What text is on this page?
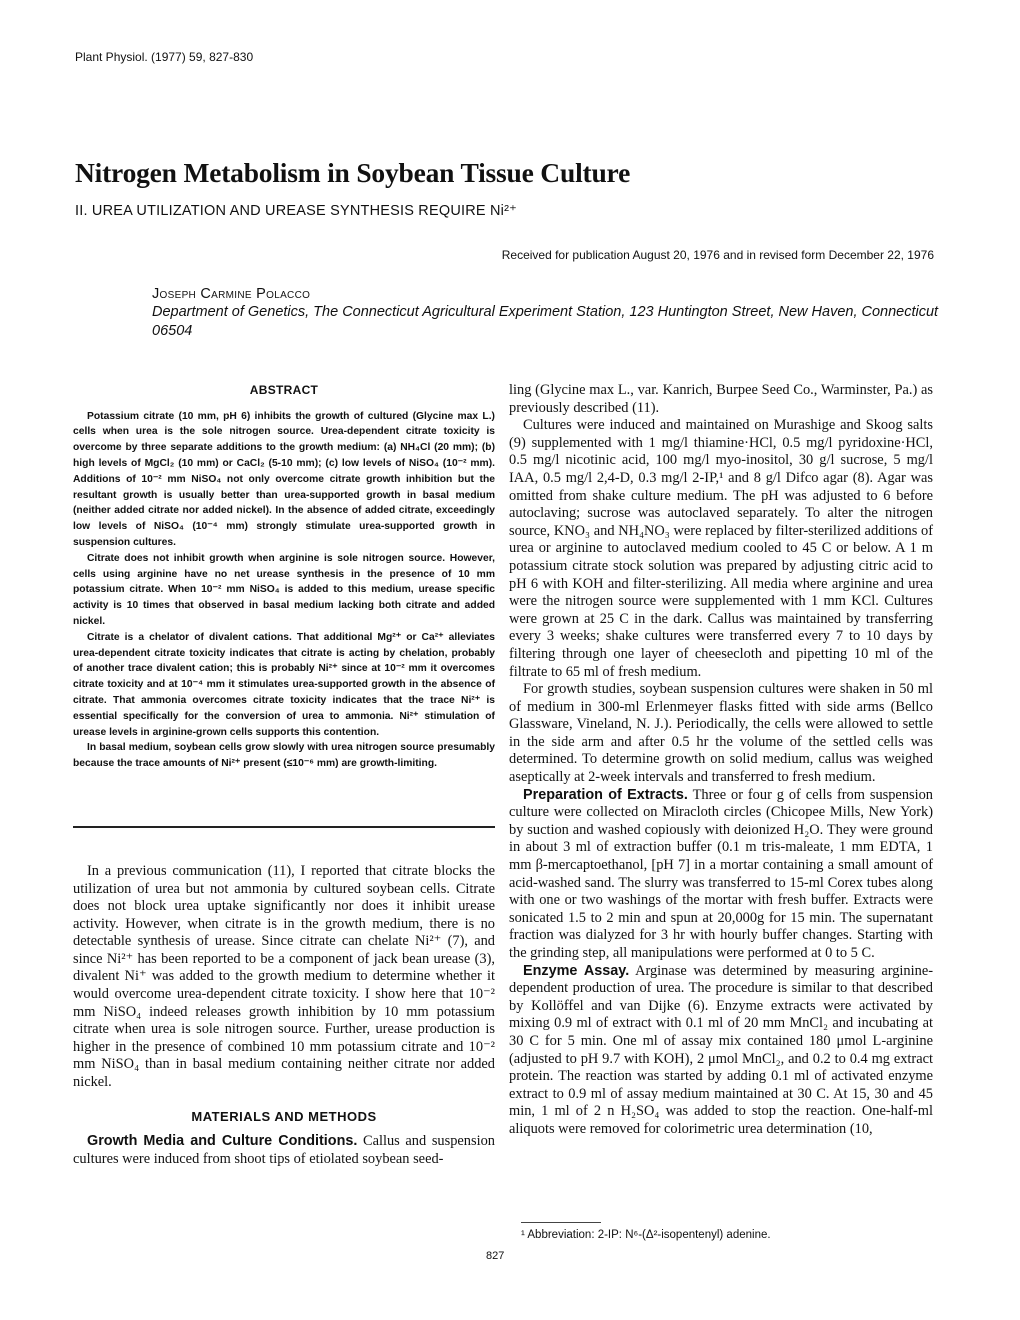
Plant Physiol. (1977) 59, 827-830
Nitrogen Metabolism in Soybean Tissue Culture
II. UREA UTILIZATION AND UREASE SYNTHESIS REQUIRE Ni²⁺
Received for publication August 20, 1976 and in revised form December 22, 1976
Joseph Carmine Polacco
Department of Genetics, The Connecticut Agricultural Experiment Station, 123 Huntington Street, New Haven, Connecticut 06504
ABSTRACT

Potassium citrate (10 mm, pH 6) inhibits the growth of cultured (Glycine max L.) cells when urea is the sole nitrogen source. Urea-dependent citrate toxicity is overcome by three separate additions to the growth medium: (a) NH₄Cl (20 mm); (b) high levels of MgCl₂ (10 mm) or CaCl₂ (5-10 mm); (c) low levels of NiSO₄ (10⁻² mm). Additions of 10⁻² mm NiSO₄ not only overcome citrate growth inhibition but the resultant growth is usually better than urea-supported growth in basal medium (neither added citrate nor added nickel). In the absence of added citrate, exceedingly low levels of NiSO₄ (10⁻⁴ mm) strongly stimulate urea-supported growth in suspension cultures.

Citrate does not inhibit growth when arginine is sole nitrogen source. However, cells using arginine have no net urease synthesis in the presence of 10 mm potassium citrate. When 10⁻² mm NiSO₄ is added to this medium, urease specific activity is 10 times that observed in basal medium lacking both citrate and added nickel.

Citrate is a chelator of divalent cations. That additional Mg²⁺ or Ca²⁺ alleviates urea-dependent citrate toxicity indicates that citrate is acting by chelation, probably of another trace divalent cation; this is probably Ni²⁺ since at 10⁻² mm it overcomes citrate toxicity and at 10⁻⁴ mm it stimulates urea-supported growth in the absence of citrate. That ammonia overcomes citrate toxicity indicates that the trace Ni²⁺ is essential specifically for the conversion of urea to ammonia. Ni²⁺ stimulation of urease levels in arginine-grown cells supports this contention.

In basal medium, soybean cells grow slowly with urea nitrogen source presumably because the trace amounts of Ni²⁺ present (≤10⁻⁶ mm) are growth-limiting.

In a previous communication (11), I reported that citrate blocks the utilization of urea but not ammonia by cultured soybean cells. Citrate does not block urea uptake significantly nor does it inhibit urease activity. However, when citrate is in the growth medium, there is no detectable synthesis of urease. Since citrate can chelate Ni²⁺ (7), and since Ni²⁺ has been reported to be a component of jack bean urease (3), divalent Ni⁺ was added to the growth medium to determine whether it would overcome urea-dependent citrate toxicity. I show here that 10⁻² mm NiSO₄ indeed releases growth inhibition by 10 mm potassium citrate when urea is sole nitrogen source. Further, urease production is higher in the presence of combined 10 mm potassium citrate and 10⁻² mm NiSO₄ than in basal medium containing neither citrate nor added nickel.

MATERIALS AND METHODS

Growth Media and Culture Conditions. Callus and suspension cultures were induced from shoot tips of etiolated soybean seed-

ling (Glycine max L., var. Kanrich, Burpee Seed Co., Warminster, Pa.) as previously described (11).

Cultures were induced and maintained on Murashige and Skoog salts (9) supplemented with 1 mg/l thiamine·HCl, 0.5 mg/l pyridoxine·HCl, 0.5 mg/l nicotinic acid, 100 mg/l myo-inositol, 30 g/l sucrose, 5 mg/l IAA, 0.5 mg/l 2,4-D, 0.3 mg/l 2-IP,¹ and 8 g/l Difco agar (8). Agar was omitted from shake culture medium. The pH was adjusted to 6 before autoclaving; sucrose was autoclaved separately. To alter the nitrogen source, KNO₃ and NH₄NO₃ were replaced by filter-sterilized additions of urea or arginine to autoclaved medium cooled to 45 C or below. A 1 m potassium citrate stock solution was prepared by adjusting citric acid to pH 6 with KOH and filter-sterilizing. All media where arginine and urea were the nitrogen source were supplemented with 1 mm KCl. Cultures were grown at 25 C in the dark. Callus was maintained by transferring every 3 weeks; shake cultures were transferred every 7 to 10 days by filtering through one layer of cheesecloth and pipetting 10 ml of the filtrate to 65 ml of fresh medium.

For growth studies, soybean suspension cultures were shaken in 50 ml of medium in 300-ml Erlenmeyer flasks fitted with side arms (Bellco Glassware, Vineland, N. J.). Periodically, the cells were allowed to settle in the side arm and after 0.5 hr the volume of the settled cells was determined. To determine growth on solid medium, callus was weighed aseptically at 2-week intervals and transferred to fresh medium.

Preparation of Extracts. Three or four g of cells from suspension culture were collected on Miracloth circles (Chicopee Mills, New York) by suction and washed copiously with deionized H₂O. They were ground in about 3 ml of extraction buffer (0.1 m tris-maleate, 1 mm EDTA, 1 mm β-mercaptoethanol, [pH 7] in a mortar containing a small amount of acid-washed sand. The slurry was transferred to 15-ml Corex tubes along with one or two washings of the mortar with fresh buffer. Extracts were sonicated 1.5 to 2 min and spun at 20,000g for 15 min. The supernatant fraction was dialyzed for 3 hr with hourly buffer changes. Starting with the grinding step, all manipulations were performed at 0 to 5 C.

Enzyme Assay. Arginase was determined by measuring arginine-dependent production of urea. The procedure is similar to that described by Kollöffel and van Dijke (6). Enzyme extracts were activated by mixing 0.9 ml of extract with 0.1 ml of 20 mm MnCl₂ and incubating at 30 C for 5 min. One ml of assay mix contained 180 μmol L-arginine (adjusted to pH 9.7 with KOH), 2 μmol MnCl₂, and 0.2 to 0.4 mg extract protein. The reaction was started by adding 0.1 ml of activated enzyme extract to 0.9 ml of assay medium maintained at 30 C. At 15, 30 and 45 min, 1 ml of 2 n H₂SO₄ was added to stop the reaction. One-half-ml aliquots were removed for colorimetric urea determination (10,

¹ Abbreviation: 2-IP: N⁶-(Δ²-isopentenyl) adenine.
827
